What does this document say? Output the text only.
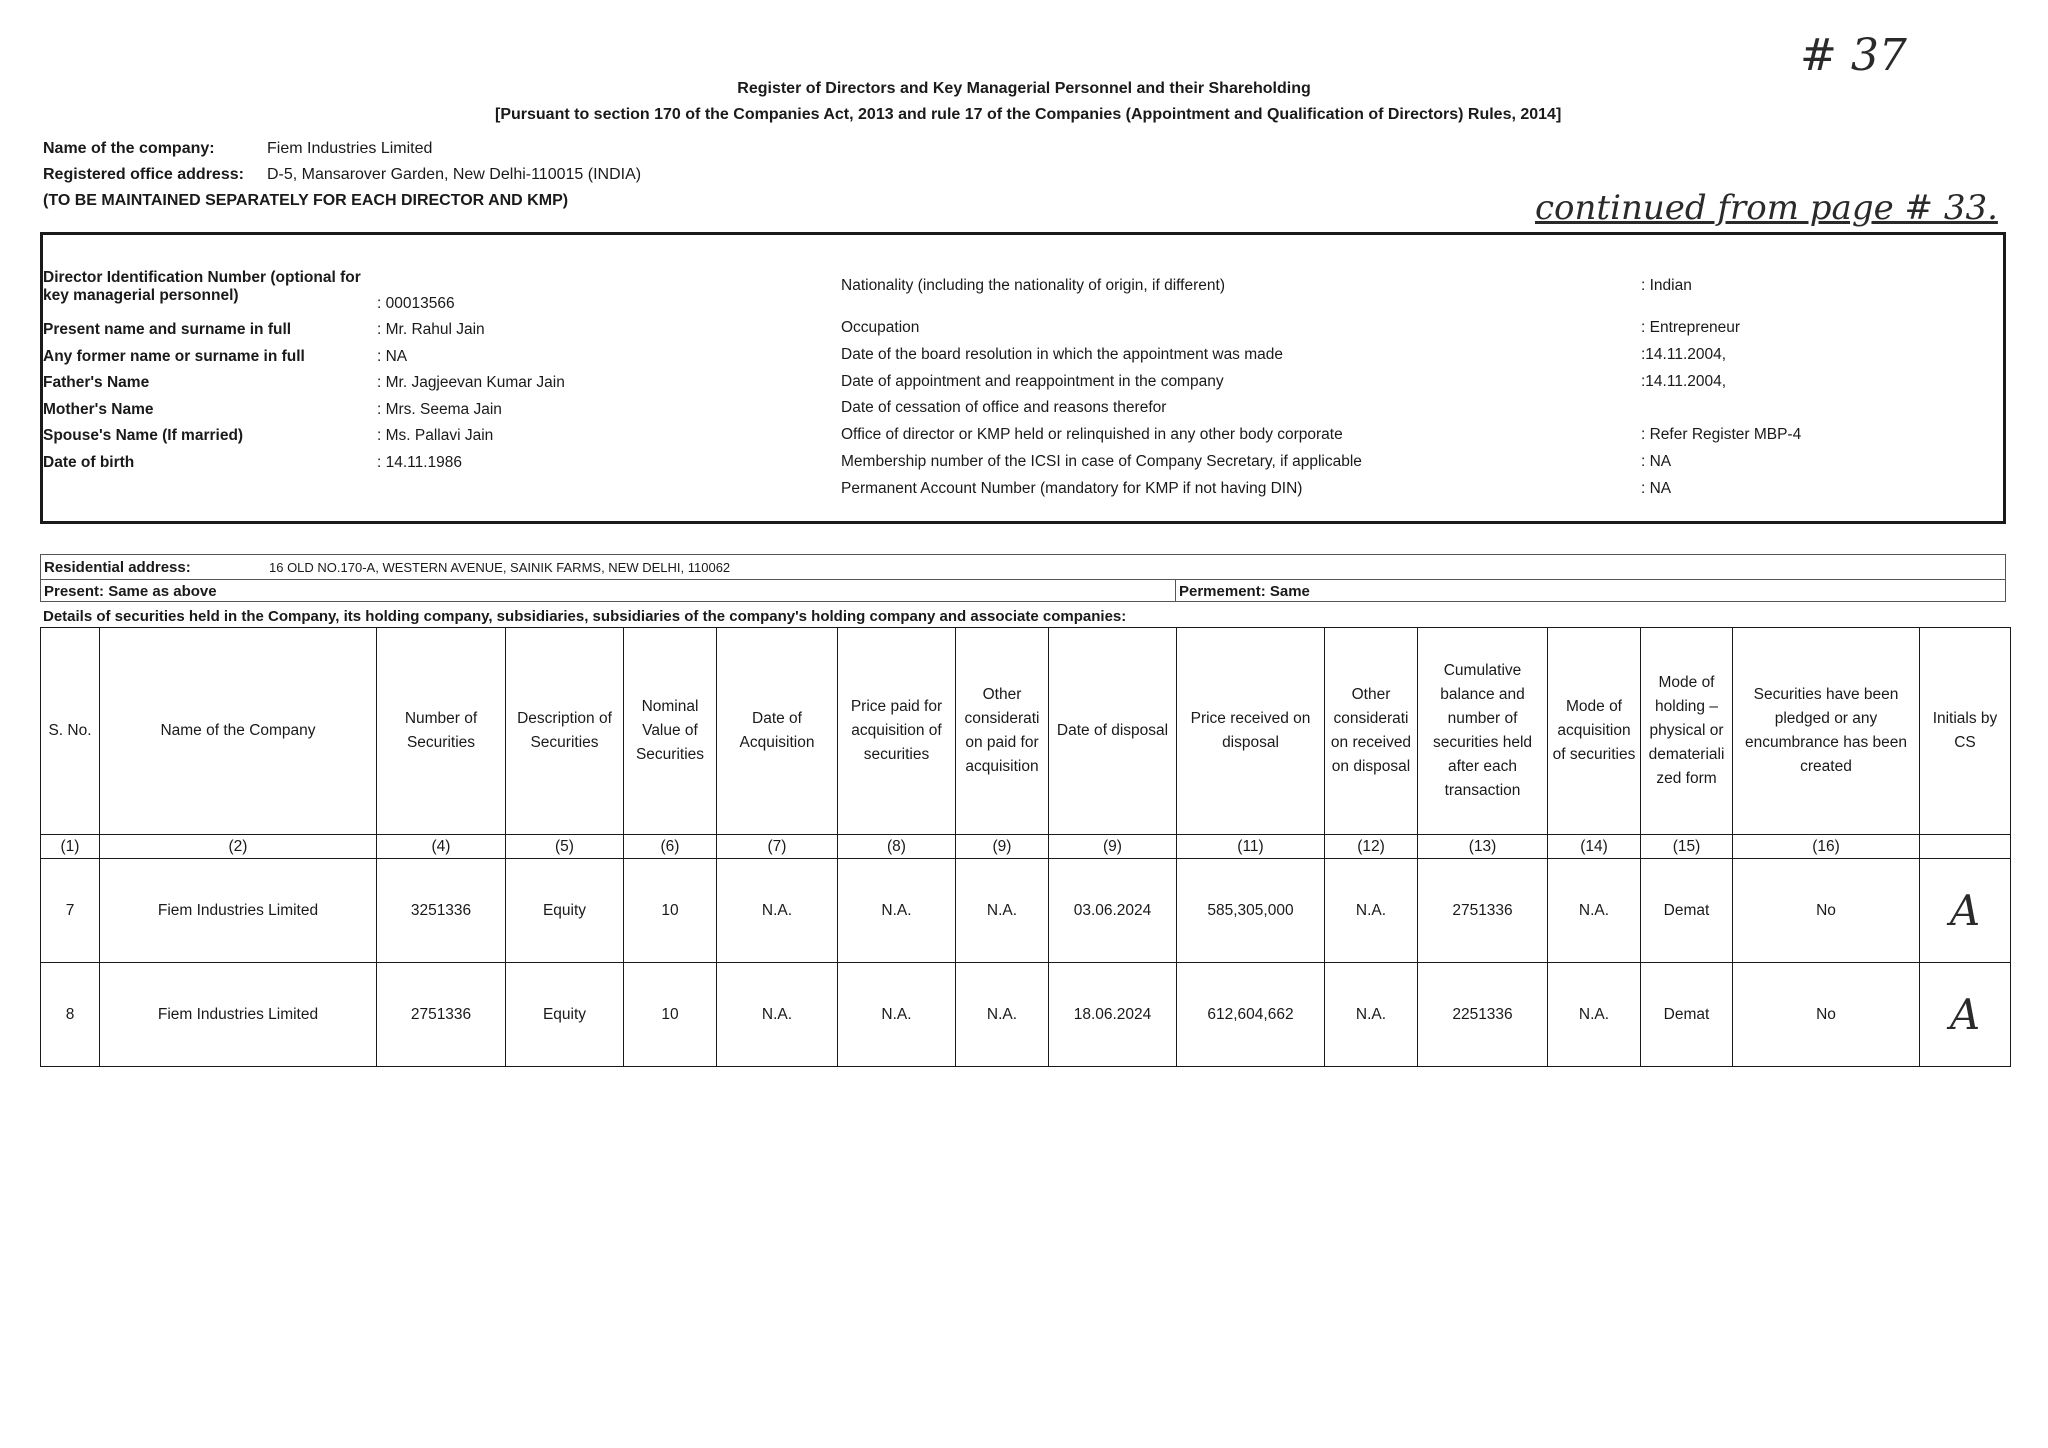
# 37
continued from page # 33.
Register of Directors and Key Managerial Personnel and their Shareholding
[Pursuant to section 170 of the Companies Act, 2013 and rule 17 of the Companies (Appointment and Qualification of Directors) Rules, 2014]
Name of the company:	Fiem Industries Limited
Registered office address:	D-5, Mansarover Garden, New Delhi-110015 (INDIA)
(TO BE MAINTAINED SEPARATELY FOR EACH DIRECTOR AND KMP)
Director Identification Number (optional for key managerial personnel)	: 00013566
Present name and surname in full	: Mr. Rahul Jain
Any former name or surname in full	: NA
Father's Name	: Mr. Jagjeevan Kumar Jain
Mother's Name	: Mrs. Seema Jain
Spouse's Name (If married)	: Ms. Pallavi Jain
Date of birth	: 14.11.1986
Nationality (including the nationality of origin, if different)	: Indian
Occupation	: Entrepreneur
Date of the board resolution in which the appointment was made	:14.11.2004,
Date of appointment and reappointment in the company	:14.11.2004,
Date of cessation of office and reasons therefor
Office of director or KMP held or relinquished in any other body corporate	: Refer Register MBP-4
Membership number of the ICSI in case of Company Secretary, if applicable	: NA
Permanent Account Number (mandatory for KMP if not having DIN)	: NA
Residential address:	16 OLD NO.170-A, WESTERN AVENUE, SAINIK FARMS, NEW DELHI, 110062
Present: Same as above	Permement: Same
Details of securities held in the Company, its holding company, subsidiaries, subsidiaries of the company's holding company and associate companies:
S. No.	Name of the Company	Number of Securities	Description of Securities	Nominal Value of Securities	Date of Acquisition	Price paid for acquisition of securities	Other considerati on paid for acquisition	Date of disposal	Price received on disposal	Other considerati on received on disposal	Cumulative balance and number of securities held after each transaction	Mode of acquisition of securities	Mode of holding – physical or demateriali zed form	Securities have been pledged or any encumbrance has been created	Initials by CS
(1)	(2)	(4)	(5)	(6)	(7)	(8)	(9)	(9)	(11)	(12)	(13)	(14)	(15)	(16)	
7	Fiem Industries Limited	3251336	Equity	10	N.A.	N.A.	N.A.	03.06.2024	585,305,000	N.A.	2751336	N.A.	Demat	No	A
8	Fiem Industries Limited	2751336	Equity	10	N.A.	N.A.	N.A.	18.06.2024	612,604,662	N.A.	2251336	N.A.	Demat	No	A
